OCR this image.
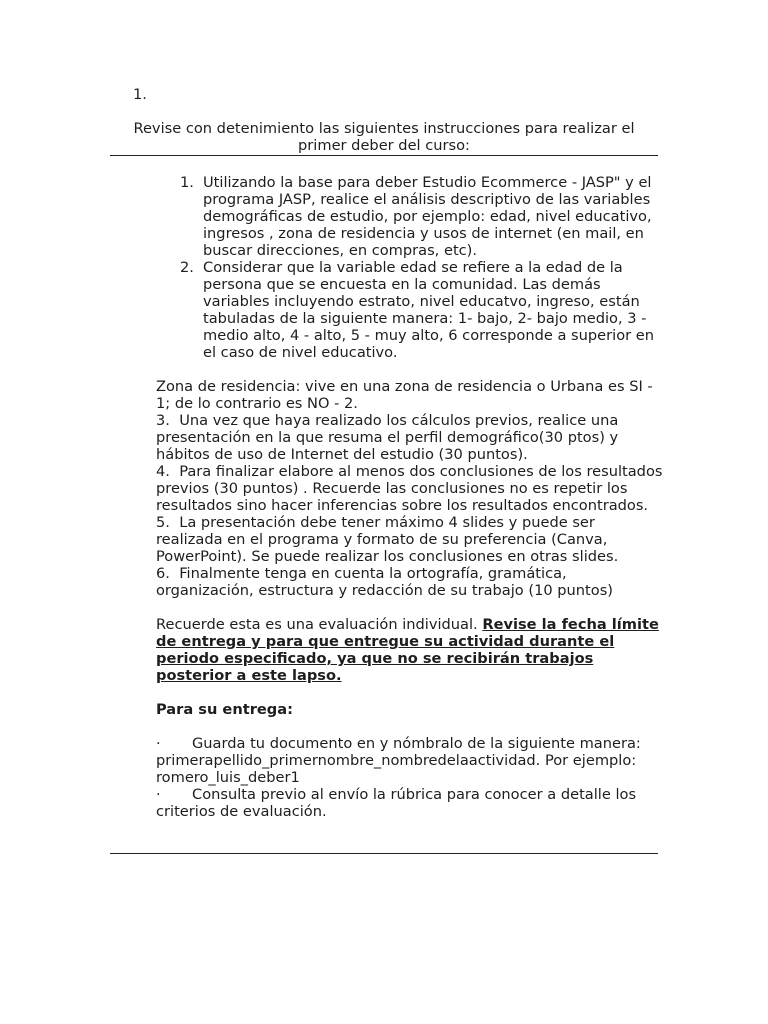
1.
Revise con detenimiento las siguientes instrucciones para realizar el primer deber del curso:
1. Utilizando la base para deber Estudio Ecommerce - JASP" y el programa JASP, realice el análisis descriptivo de las variables demográficas de estudio, por ejemplo: edad, nivel educativo, ingresos , zona de residencia y usos de internet (en mail, en buscar direcciones, en compras, etc).
2. Considerar que la variable edad se refiere a la edad de la persona que se encuesta en la comunidad. Las demás variables incluyendo estrato, nivel educatvo, ingreso, están tabuladas de la siguiente manera: 1- bajo, 2- bajo medio, 3 - medio alto, 4 - alto, 5 - muy alto, 6 corresponde a superior en el caso de nivel educativo.

Zona de residencia: vive en una zona de residencia o Urbana es SI - 1; de lo contrario es NO - 2.

3.  Una vez que haya realizado los cálculos previos, realice una presentación en la que resuma el perfil demográfico(30 ptos) y hábitos de uso de Internet del estudio (30 puntos).

4.  Para finalizar elabore al menos dos conclusiones de los resultados previos (30 puntos) . Recuerde las conclusiones no es repetir los resultados sino hacer inferencias sobre los resultados encontrados.

5.  La presentación debe tener máximo 4 slides y puede ser realizada en el programa y formato de su preferencia (Canva, PowerPoint). Se puede realizar los conclusiones en otras slides.

6.  Finalmente tenga en cuenta la ortografía, gramática, organización, estructura y redacción de su trabajo (10 puntos)

Recuerde esta es una evaluación individual. Revise la fecha límite de entrega y para que entregue su actividad durante el periodo especificado, ya que no se recibirán trabajos posterior a este lapso.

Para su entrega:

· Guarda tu documento en y nómbralo de la siguiente manera: primerapellido_primernombre_nombredelaactividad. Por ejemplo: romero_luis_deber1

· Consulta previo al envío la rúbrica para conocer a detalle los criterios de evaluación.
